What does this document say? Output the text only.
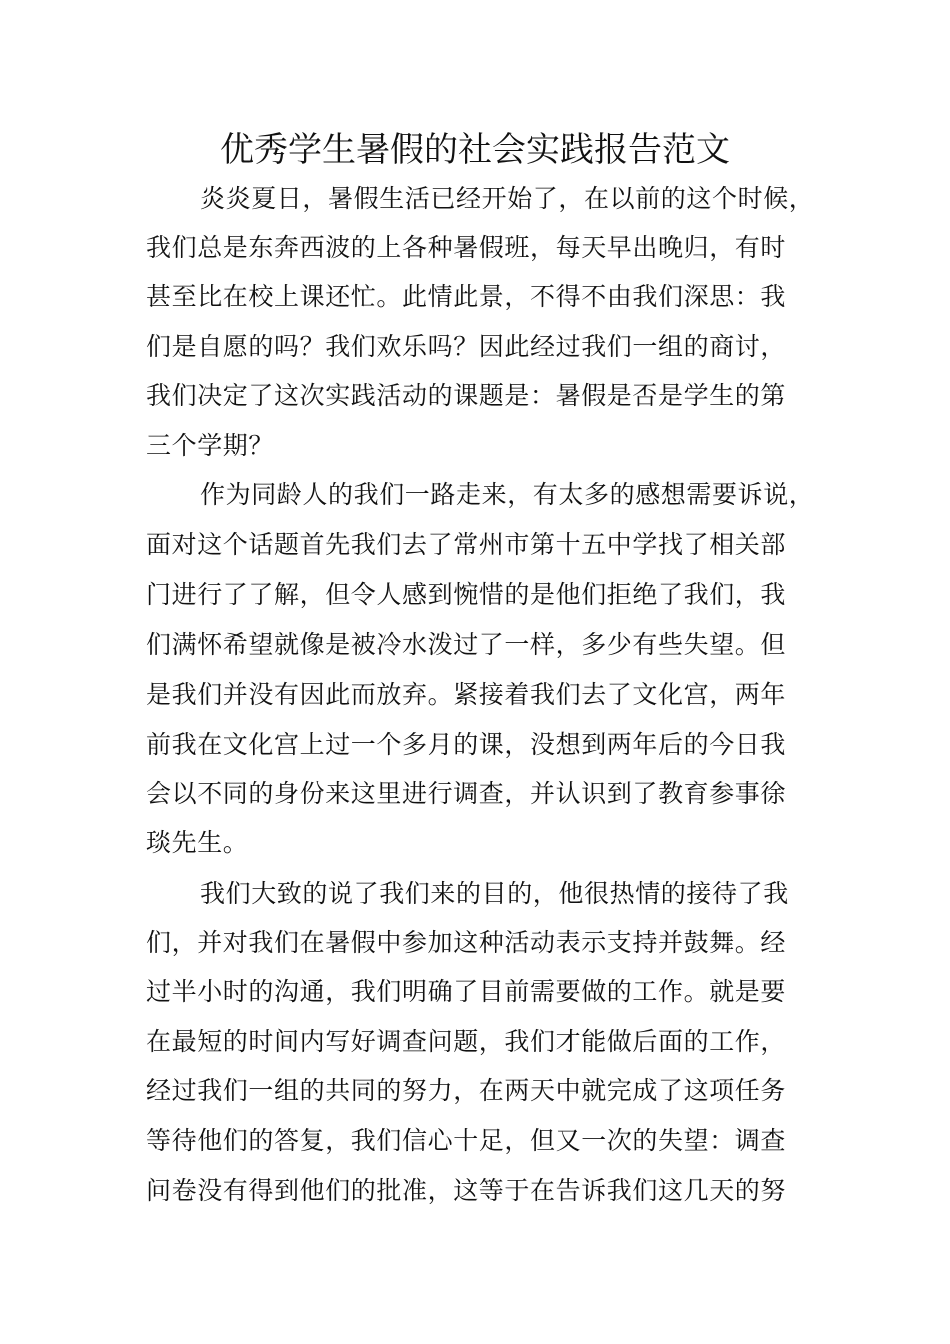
优秀学生暑假的社会实践报告范文
炎炎夏日，暑假生活已经开始了，在以前的这个时候，
我们总是东奔西波的上各种暑假班，每天早出晚归，有时
甚至比在校上课还忙。此情此景，不得不由我们深思：我
们是自愿的吗？我们欢乐吗？因此经过我们一组的商讨，
我们决定了这次实践活动的课题是：暑假是否是学生的第
三个学期？
作为同龄人的我们一路走来，有太多的感想需要诉说，
面对这个话题首先我们去了常州市第十五中学找了相关部
门进行了了解，但令人感到惋惜的是他们拒绝了我们，我
们满怀希望就像是被冷水泼过了一样，多少有些失望。但
是我们并没有因此而放弃。紧接着我们去了文化宫，两年
前我在文化宫上过一个多月的课，没想到两年后的今日我
会以不同的身份来这里进行调查，并认识到了教育参事徐
琰先生。
我们大致的说了我们来的目的，他很热情的接待了我
们，并对我们在暑假中参加这种活动表示支持并鼓舞。经
过半小时的沟通，我们明确了目前需要做的工作。就是要
在最短的时间内写好调查问题，我们才能做后面的工作，
经过我们一组的共同的努力，在两天中就完成了这项任务
等待他们的答复，我们信心十足，但又一次的失望：调查
问卷没有得到他们的批准，这等于在告诉我们这几天的努
